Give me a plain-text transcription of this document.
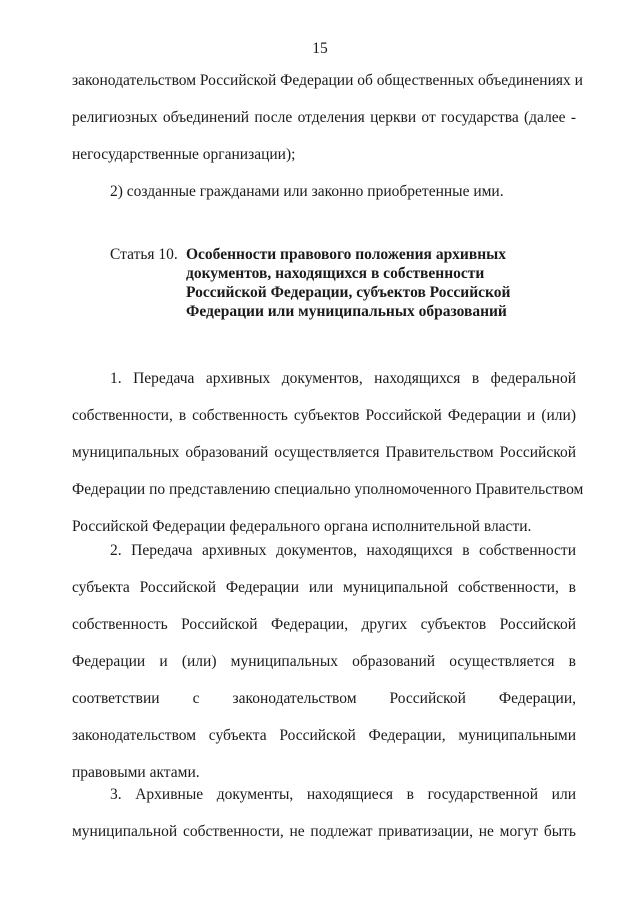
15
законодательством Российской Федерации об общественных объединениях и
религиозных объединений после отделения церкви от государства (далее -
негосударственные организации);
2) созданные гражданами или законно приобретенные ими.
Статья 10. Особенности правового положения архивных
документов, находящихся в собственности
Российской Федерации, субъектов Российской
Федерации или муниципальных образований
1. Передача архивных документов, находящихся в федеральной
собственности, в собственность субъектов Российской Федерации и (или)
муниципальных образований осуществляется Правительством Российской
Федерации по представлению специально уполномоченного Правительством
Российской Федерации федерального органа исполнительной власти.
2. Передача архивных документов, находящихся в собственности
субъекта Российской Федерации или муниципальной собственности, в
собственность Российской Федерации, других субъектов Российской
Федерации и (или) муниципальных образований осуществляется в
соответствии с законодательством Российской Федерации,
законодательством субъекта Российской Федерации, муниципальными
правовыми актами.
3. Архивные документы, находящиеся в государственной или
муниципальной собственности, не подлежат приватизации, не могут быть
